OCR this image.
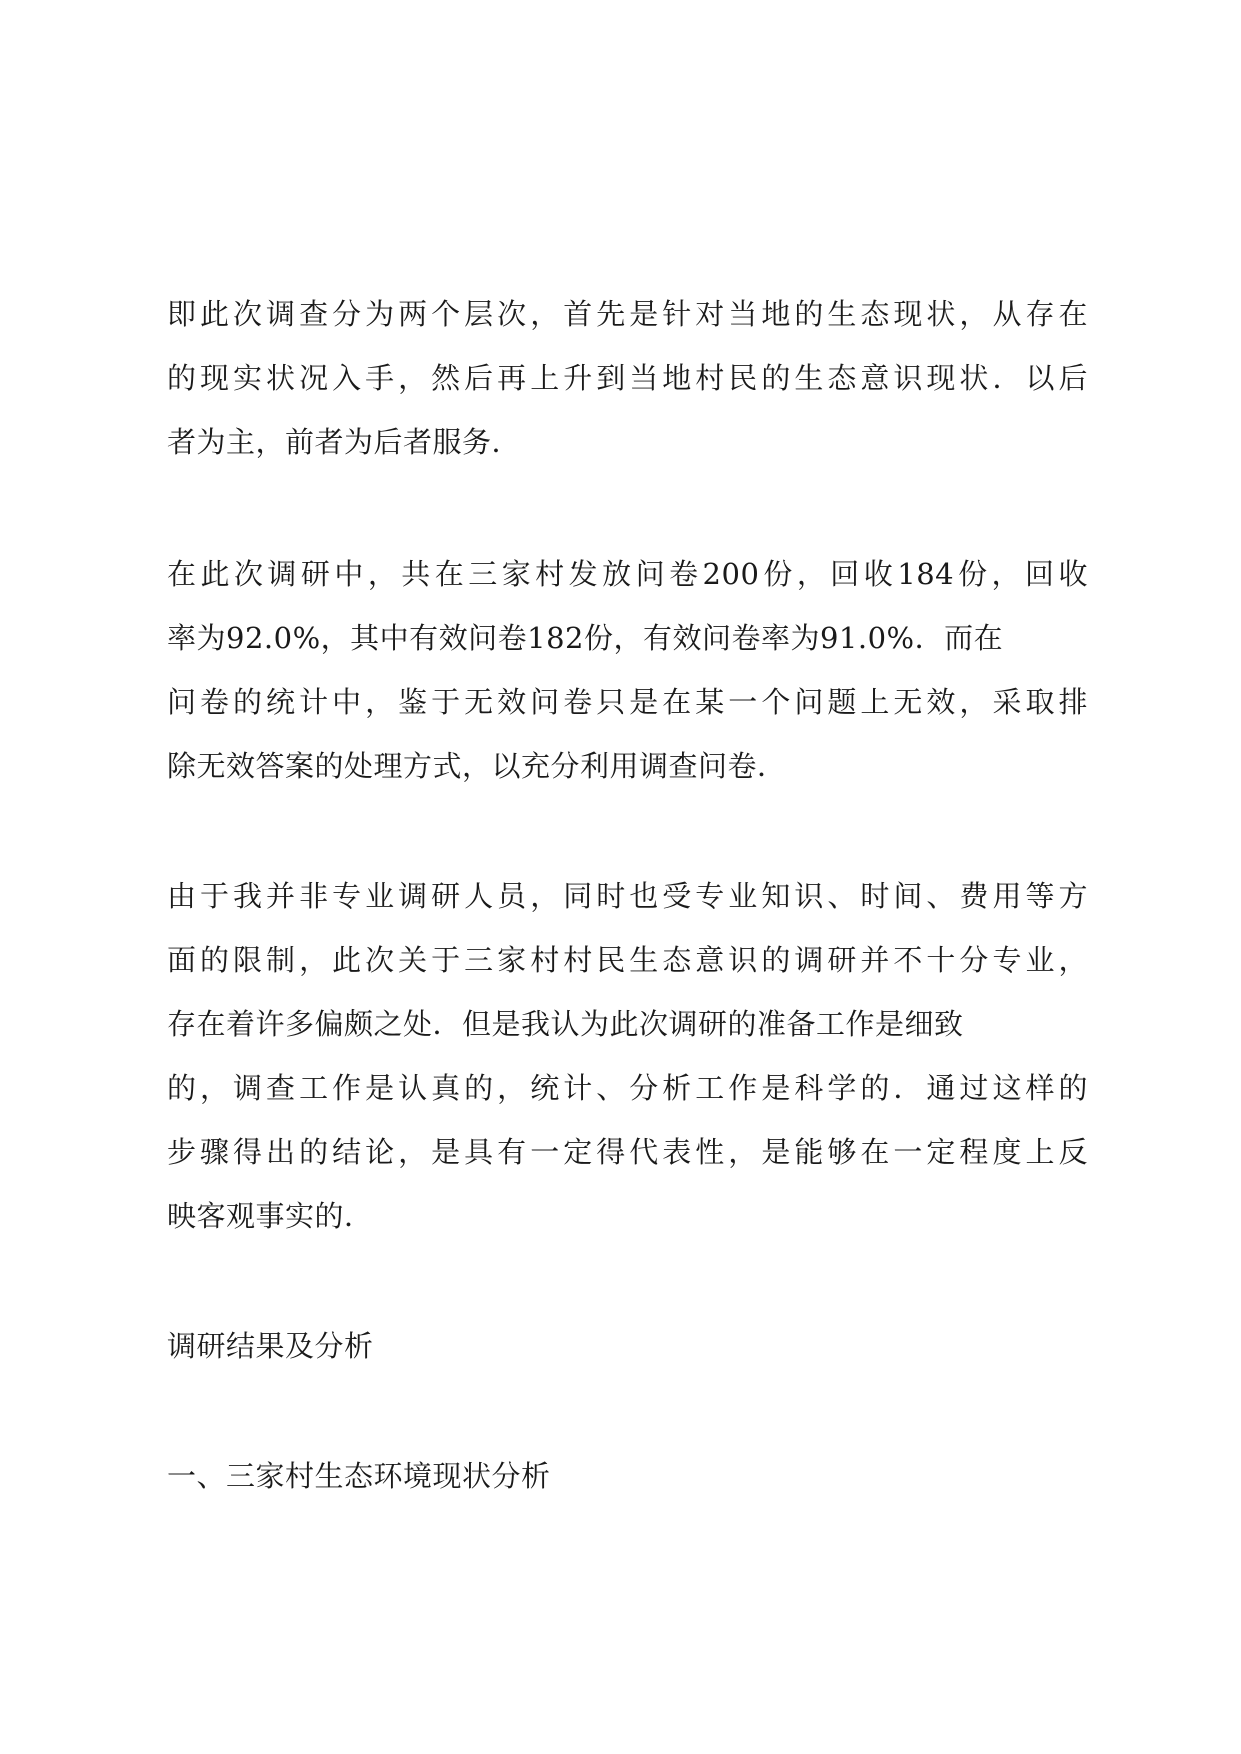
即此次调查分为两个层次，首先是针对当地的生态现状，从存在

的现实状况入手，然后再上升到当地村民的生态意识现状．以后

者为主，前者为后者服务．

在此次调研中，共在三家村发放问卷200份，回收184份，回收

率为92.0%，其中有效问卷182份，有效问卷率为91.0%．而在

问卷的统计中，鉴于无效问卷只是在某一个问题上无效，采取排

除无效答案的处理方式，以充分利用调查问卷．

由于我并非专业调研人员，同时也受专业知识、时间、费用等方

面的限制，此次关于三家村村民生态意识的调研并不十分专业，

存在着许多偏颇之处．但是我认为此次调研的准备工作是细致

的，调查工作是认真的，统计、分析工作是科学的．通过这样的

步骤得出的结论，是具有一定得代表性，是能够在一定程度上反

映客观事实的．

调研结果及分析

一、三家村生态环境现状分析
